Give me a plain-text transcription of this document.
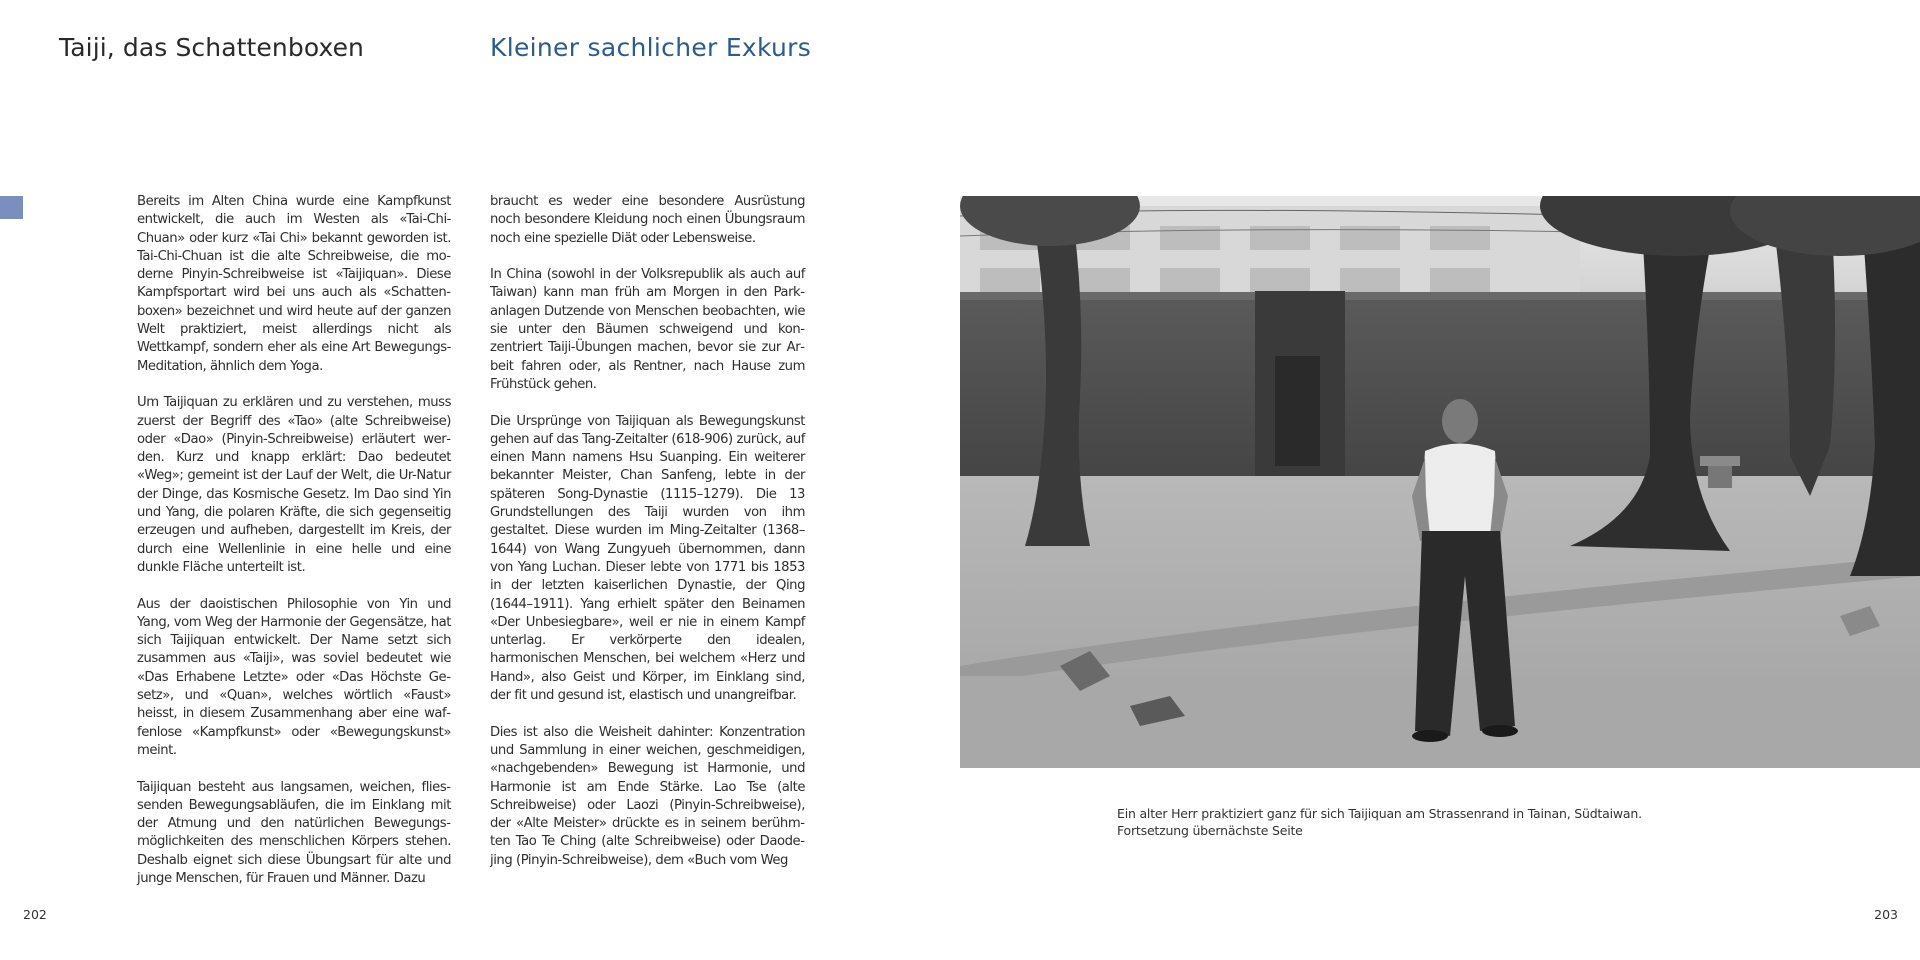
Taiji, das Schattenboxen	Kleiner sachlicher Exkurs

Bereits im Alten China wurde eine Kampfkunst entwickelt, die auch im Westen als «Tai-Chi-Chuan» oder kurz «Tai Chi» bekannt geworden ist. Tai-Chi-Chuan ist die alte Schreibweise, die moderne Pinyin-Schreibweise ist «Taijiquan». Diese Kampfsportart wird bei uns auch als «Schattenboxen» bezeichnet und wird heute auf der ganzen Welt praktiziert, meist allerdings nicht als Wettkampf, sondern eher als eine Art Bewegungs-Meditation, ähnlich dem Yoga.

Um Taijiquan zu erklären und zu verstehen, muss zuerst der Begriff des «Tao» (alte Schreibweise) oder «Dao» (Pinyin-Schreibweise) erläutert werden. Kurz und knapp erklärt: Dao bedeutet «Weg»; gemeint ist der Lauf der Welt, die Ur-Natur der Dinge, das Kosmische Gesetz. Im Dao sind Yin und Yang, die polaren Kräfte, die sich gegenseitig erzeugen und aufheben, dargestellt im Kreis, der durch eine Wellenlinie in eine helle und eine dunkle Fläche unterteilt ist.

Aus der daoistischen Philosophie von Yin und Yang, vom Weg der Harmonie der Gegensätze, hat sich Taijiquan entwickelt. Der Name setzt sich zusammen aus «Taiji», was soviel bedeutet wie «Das Erhabene Letzte» oder «Das Höchste Gesetz», und «Quan», welches wörtlich «Faust» heisst, in diesem Zusammenhang aber eine waffenlose «Kampfkunst» oder «Bewegungskunst» meint.

Taijiquan besteht aus langsamen, weichen, fliessenden Bewegungsabläufen, die im Einklang mit der Atmung und den natürlichen Bewegungsmöglichkeiten des menschlichen Körpers stehen. Deshalb eignet sich diese Übungsart für alte und junge Menschen, für Frauen und Männer. Dazu

braucht es weder eine besondere Ausrüstung noch besondere Kleidung noch einen Übungsraum noch eine spezielle Diät oder Lebensweise.

In China (sowohl in der Volksrepublik als auch auf Taiwan) kann man früh am Morgen in den Parkanlagen Dutzende von Menschen beobachten, wie sie unter den Bäumen schweigend und konzentriert Taiji-Übungen machen, bevor sie zur Arbeit fahren oder, als Rentner, nach Hause zum Frühstück gehen.

Die Ursprünge von Taijiquan als Bewegungskunst gehen auf das Tang-Zeitalter (618-906) zurück, auf einen Mann namens Hsu Suanping. Ein weiterer bekannter Meister, Chan Sanfeng, lebte in der späteren Song-Dynastie (1115–1279). Die 13 Grundstellungen des Taiji wurden von ihm gestaltet. Diese wurden im Ming-Zeitalter (1368–1644) von Wang Zungyueh übernommen, dann von Yang Luchan. Dieser lebte von 1771 bis 1853 in der letzten kaiserlichen Dynastie, der Qing (1644–1911). Yang erhielt später den Beinamen «Der Unbesiegbare», weil er nie in einem Kampf unterlag. Er verkörperte den idealen, harmonischen Menschen, bei welchem «Herz und Hand», also Geist und Körper, im Einklang sind, der fit und gesund ist, elastisch und unangreifbar.

Dies ist also die Weisheit dahinter: Konzentration und Sammlung in einer weichen, geschmeidigen, «nachgebenden» Bewegung ist Harmonie, und Harmonie ist am Ende Stärke. Lao Tse (alte Schreibweise) oder Laozi (Pinyin-Schreibweise), der «Alte Meister» drückte es in seinem berühmten Tao Te Ching (alte Schreibweise) oder Daodejing (Pinyin-Schreibweise), dem «Buch vom Weg

Ein alter Herr praktiziert ganz für sich Taijiquan am Strassenrand in Tainan, Südtaiwan.
Fortsetzung übernächste Seite
202	203
